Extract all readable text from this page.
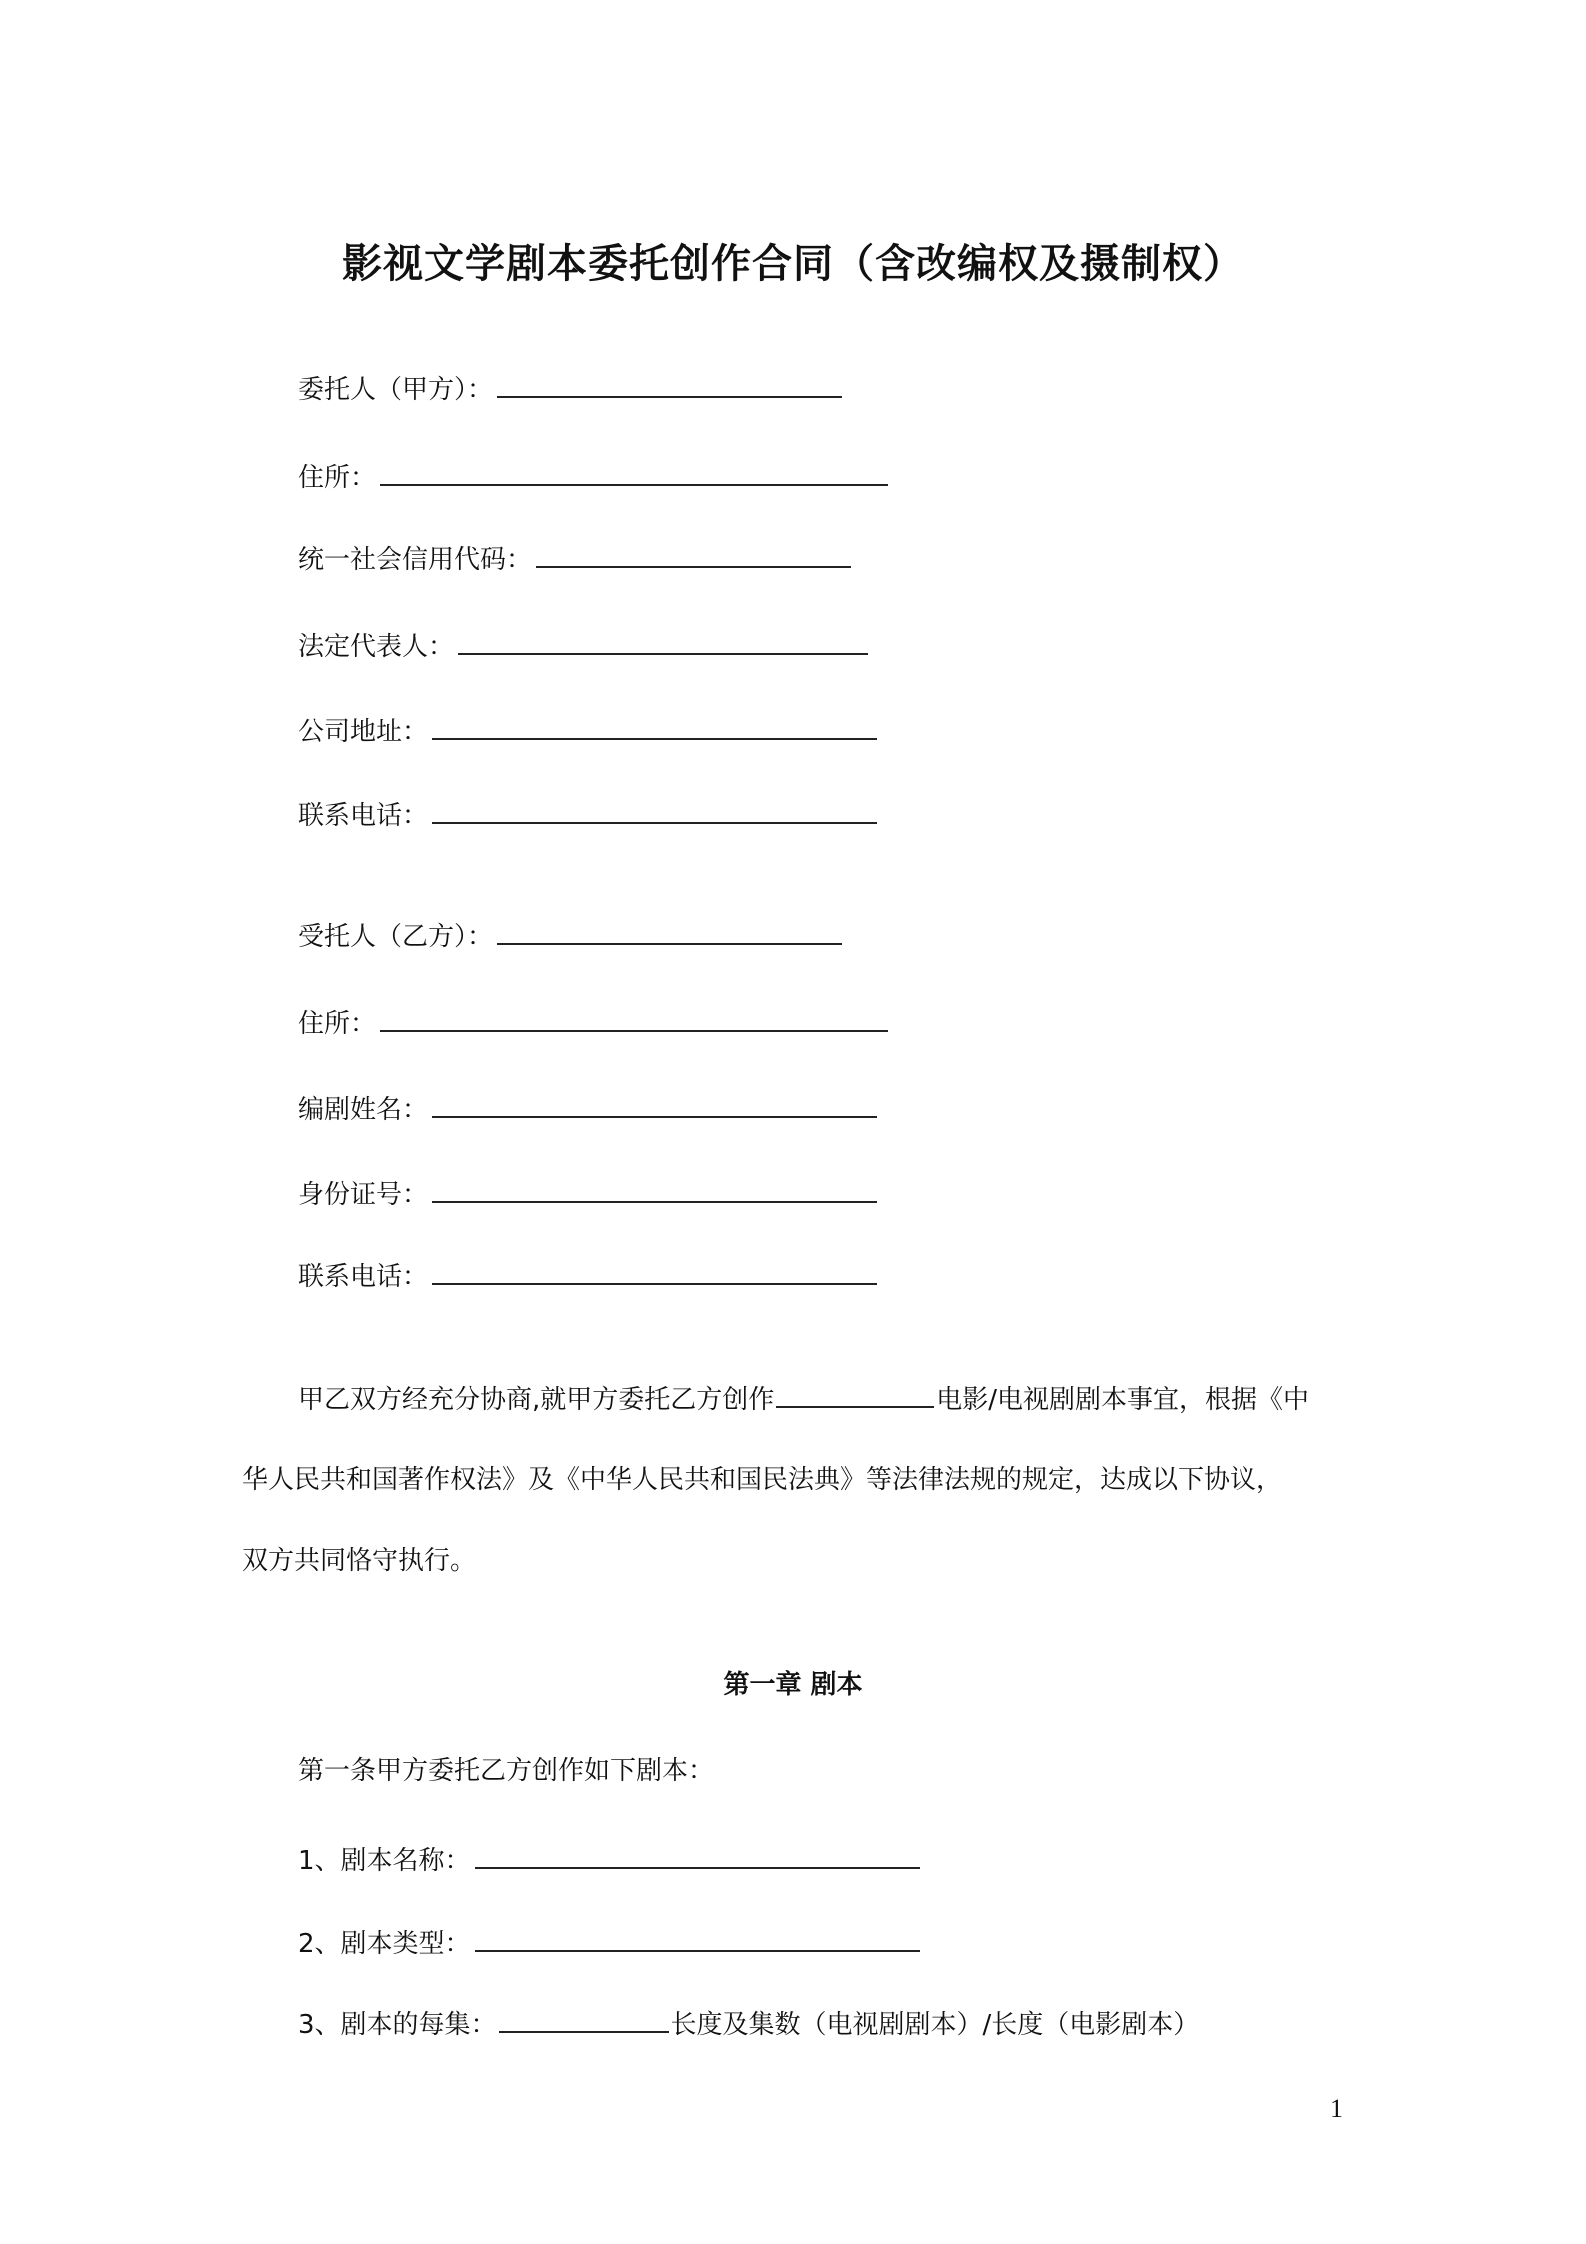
影视文学剧本委托创作合同（含改编权及摄制权）
委托人（甲方）：
住所：
统一社会信用代码：
法定代表人：
公司地址：
联系电话：
受托人（乙方）：
住所：
编剧姓名：
身份证号：
联系电话：
甲乙双方经充分协商,就甲方委托乙方创作	电影/电视剧剧本事宜，根据《中
华人民共和国著作权法》及《中华人民共和国民法典》等法律法规的规定，达成以下协议，
双方共同恪守执行。
第一章 剧本
第一条甲方委托乙方创作如下剧本：
1、剧本名称：
2、剧本类型：
3、剧本的每集：	长度及集数（电视剧剧本）/长度（电影剧本）
1
